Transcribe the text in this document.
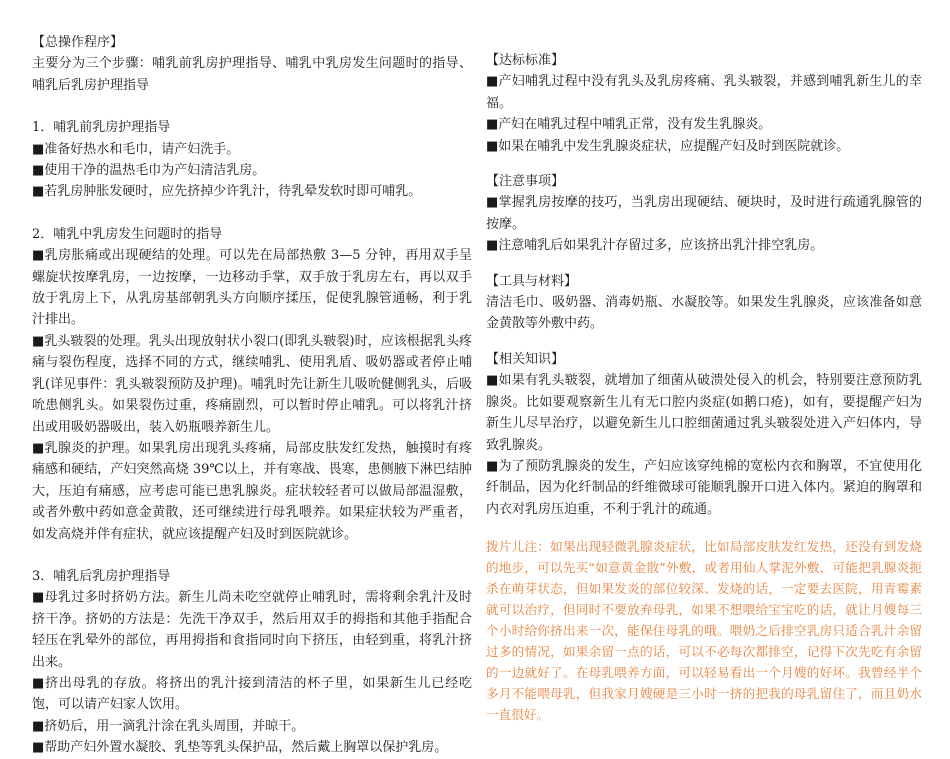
【总操作程序】

主要分为三个步骤：哺乳前乳房护理指导、哺乳中乳房发生问题时的指导、哺乳后乳房护理指导

1．哺乳前乳房护理指导

■准备好热水和毛巾，请产妇洗手。

■使用干净的温热毛巾为产妇清洁乳房。

■若乳房肿胀发硬时，应先挤掉少许乳汁，待乳晕发软时即可哺乳。

2．哺乳中乳房发生问题时的指导

■乳房胀痛或出现硬结的处理。可以先在局部热敷 3—5 分钟，再用双手呈螺旋状按摩乳房，一边按摩，一边移动手掌，双手放于乳房左右，再以双手放于乳房上下，从乳房基部朝乳头方向顺序揉压，促使乳腺管通畅，利于乳汁排出。

■乳头皲裂的处理。乳头出现放射状小裂口(即乳头皲裂)时，应该根据乳头疼痛与裂伤程度，选择不同的方式，继续哺乳、使用乳盾、吸奶器或者停止哺乳(详见事件：乳头皲裂预防及护理)。哺乳时先让新生儿吸吮健侧乳头，后吸吮患侧乳头。如果裂伤过重，疼痛剧烈，可以暂时停止哺乳。可以将乳汁挤出或用吸奶器吸出，装入奶瓶喂养新生儿。

■乳腺炎的护理。如果乳房出现乳头疼痛，局部皮肤发红发热，触摸时有疼痛感和硬结，产妇突然高烧 39℃以上，并有寒战、畏寒，患侧腋下淋巴结肿大，压迫有痛感，应考虑可能已患乳腺炎。症状较轻者可以做局部温湿敷，或者外敷中药如意金黄散，还可继续进行母乳喂养。如果症状较为严重者，如发高烧并伴有症状，就应该提醒产妇及时到医院就诊。

3．哺乳后乳房护理指导

■母乳过多时挤奶方法。新生儿尚未吃空就停止哺乳时，需将剩余乳汁及时挤干净。挤奶的方法是：先洗干净双手，然后用双手的拇指和其他手指配合轻压在乳晕外的部位，再用拇指和食指同时向下挤压，由轻到重，将乳汁挤出来。

■挤出母乳的存放。将挤出的乳汁接到清洁的杯子里，如果新生儿已经吃饱，可以请产妇家人饮用。

■挤奶后，用一滴乳汁涂在乳头周围，并晾干。

■帮助产妇外置水凝胶、乳垫等乳头保护品，然后戴上胸罩以保护乳房。

【达标标准】

■产妇哺乳过程中没有乳头及乳房疼痛、乳头皲裂，并感到哺乳新生儿的幸福。

■产妇在哺乳过程中哺乳正常，没有发生乳腺炎。

■如果在哺乳中发生乳腺炎症状，应提醒产妇及时到医院就诊。

【注意事项】

■掌握乳房按摩的技巧，当乳房出现硬结、硬块时，及时进行疏通乳腺管的按摩。

■注意哺乳后如果乳汁存留过多，应该挤出乳汁排空乳房。

【工具与材料】

清洁毛巾、吸奶器、消毒奶瓶、水凝胶等。如果发生乳腺炎，应该准备如意金黄散等外敷中药。

【相关知识】

■如果有乳头皲裂，就增加了细菌从破溃处侵入的机会，特别要注意预防乳腺炎。比如要观察新生儿有无口腔内炎症(如鹅口疮)，如有，要提醒产妇为新生儿尽早治疗，以避免新生儿口腔细菌通过乳头皲裂处进入产妇体内，导致乳腺炎。

■为了预防乳腺炎的发生，产妇应该穿纯棉的宽松内衣和胸罩，不宜使用化纤制品，因为化纤制品的纤维微球可能顺乳腺开口进入体内。紧迫的胸罩和内衣对乳房压迫重，不利于乳汁的疏通。

拨片儿注：如果出现轻微乳腺炎症状，比如局部皮肤发红发热，还没有到发烧的地步，可以先买“如意黄金散”外敷，或者用仙人掌泥外敷，可能把乳腺炎扼杀在萌芽状态，但如果发炎的部位较深、发烧的话，一定要去医院，用青霉素就可以治疗，但同时不要放弃母乳，如果不想喂给宝宝吃的话，就让月嫂每三个小时给你挤出来一次，能保住母乳的哦。喂奶之后排空乳房只适合乳汁余留过多的情况，如果余留一点的话，可以不必每次都排空，记得下次先吃有余留的一边就好了。在母乳喂养方面，可以轻易看出一个月嫂的好坏。我曾经半个多月不能喂母乳，但我家月嫂硬是三小时一挤的把我的母乳留住了，而且奶水一直很好。
